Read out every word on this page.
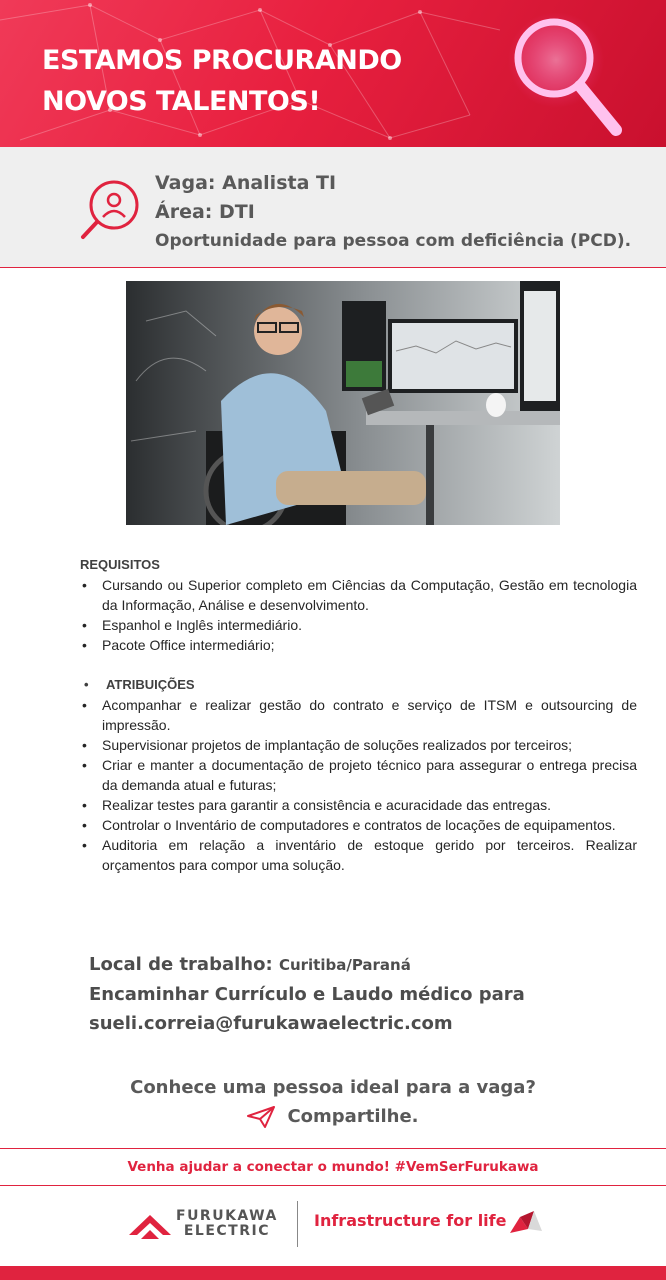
ESTAMOS PROCURANDO
NOVOS TALENTOS!
Vaga: Analista TI
Área: DTI
Oportunidade para pessoa com deficiência (PCD).

REQUISITOS

• Cursando ou Superior completo em Ciências da Computação, Gestão em tecnologia da Informação, Análise e desenvolvimento.
• Espanhol e Inglês intermediário.
• Pacote Office intermediário;
• ATRIBUIÇÕES
• Acompanhar e realizar gestão do contrato e serviço de ITSM e outsourcing de impressão.
• Supervisionar projetos de implantação de soluções realizados por terceiros;
• Criar e manter a documentação de projeto técnico para assegurar o entrega precisa da demanda atual e futuras;
• Realizar testes para garantir a consistência e acuracidade das entregas.
• Controlar o Inventário de computadores e contratos de locações de equipamentos.
• Auditoria em relação a inventário de estoque gerido por terceiros. Realizar orçamentos para compor uma solução.
Local de trabalho: Curitiba/Paraná
Encaminhar Currículo e Laudo médico para
sueli.correia@furukawaelectric.com
Conhece uma pessoa ideal para a vaga?
Compartilhe.
Venha ajudar a conectar o mundo! #VemSerFurukawa
FURUKAWA
ELECTRIC
Infrastructure for life
